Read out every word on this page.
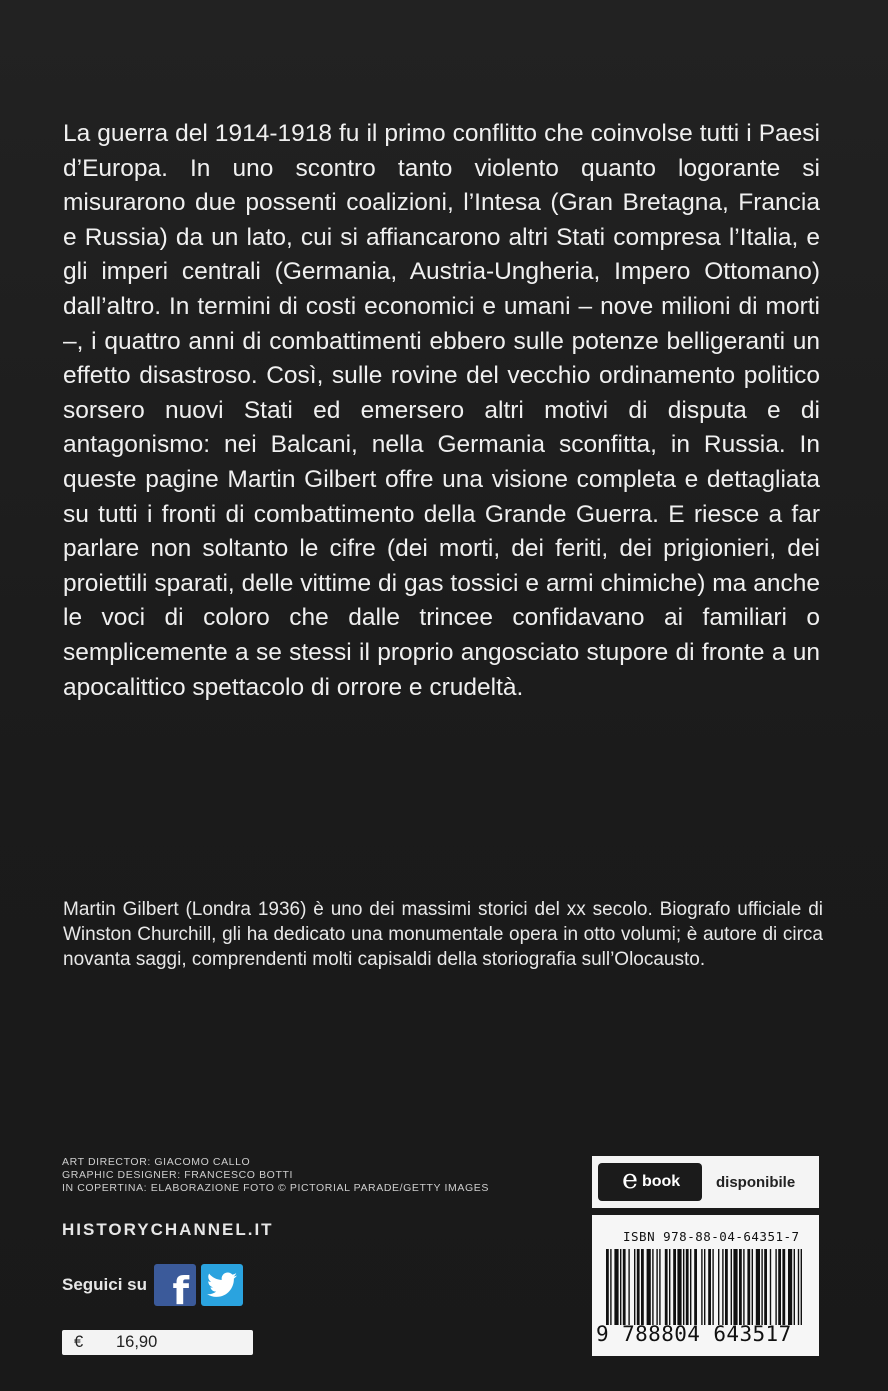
La guerra del 1914-1918 fu il primo conflitto che coinvolse tutti i Paesi d’Europa. In uno scontro tanto violento quanto logorante si misurarono due possenti coalizioni, l’Intesa (Gran Bretagna, Francia e Russia) da un lato, cui si affiancarono altri Stati compresa l’Italia, e gli imperi centrali (Germania, Austria-Ungheria, Impero Ottomano) dall’altro. In termini di costi economici e umani – nove milioni di morti –, i quattro anni di combattimenti ebbero sulle potenze belligeranti un effetto disastroso. Così, sulle rovine del vecchio ordinamento politico sorsero nuovi Stati ed emersero altri motivi di disputa e di antagonismo: nei Balcani, nella Germania sconfitta, in Russia. In queste pagine Martin Gilbert offre una visione completa e dettagliata su tutti i fronti di combattimento della Grande Guerra. E riesce a far parlare non soltanto le cifre (dei morti, dei feriti, dei prigionieri, dei proiettili sparati, delle vittime di gas tossici e armi chimiche) ma anche le voci di coloro che dalle trincee confidavano ai familiari o semplicemente a se stessi il proprio angosciato stupore di fronte a un apocalittico spettacolo di orrore e crudeltà.

Martin Gilbert (Londra 1936) è uno dei massimi storici del xx secolo. Biografo ufficiale di Winston Churchill, gli ha dedicato una monumentale opera in otto volumi; è autore di circa novanta saggi, comprendenti molti capisaldi della storiografia sull’Olocausto.

ART DIRECTOR: GIACOMO CALLO
GRAPHIC DESIGNER: FRANCESCO BOTTI
IN COPERTINA: ELABORAZIONE FOTO © PICTORIAL PARADE/GETTY IMAGES
HISTORYCHANNEL.IT
Seguici su f
€	16,90
e book disponibile
ISBN 978-88-04-64351-7
9 788804 643517
